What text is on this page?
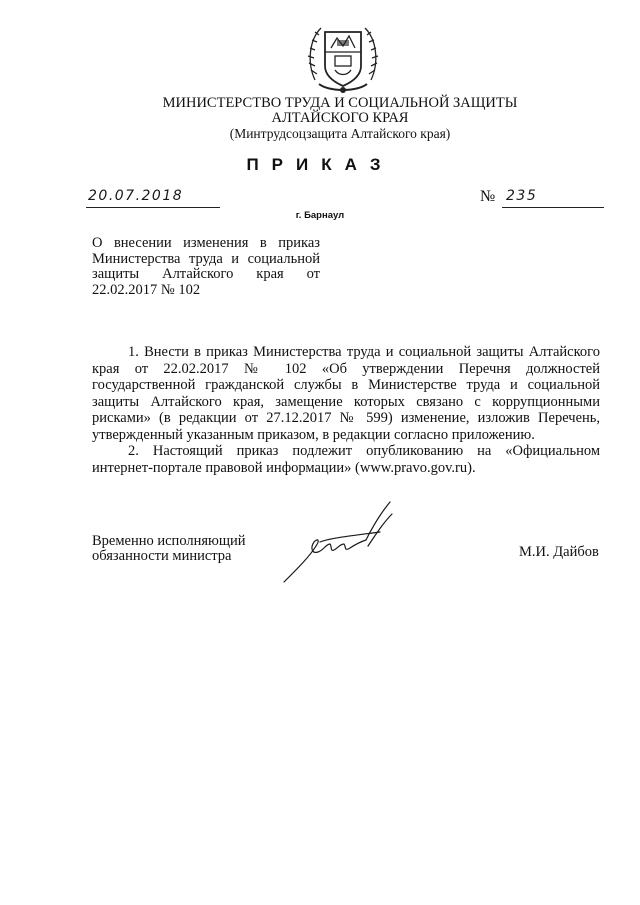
МИНИСТЕРСТВО ТРУДА И СОЦИАЛЬНОЙ ЗАЩИТЫ
АЛТАЙСКОГО КРАЯ
(Минтрудсоцзащита Алтайского края)
ПРИКАЗ
20.07.2018	№ 235
г. Барнаул
О внесении изменения в приказ Министерства труда и социальной защиты Алтайского края от 22.02.2017 № 102

1. Внести в приказ Министерства труда и социальной защиты Алтайского края от 22.02.2017 № 102 «Об утверждении Перечня должностей государственной гражданской службы в Министерстве труда и социальной защиты Алтайского края, замещение которых связано с коррупционными рисками» (в редакции от 27.12.2017 № 599) изменение, изложив Перечень, утвержденный указанным приказом, в редакции согласно приложению.

2. Настоящий приказ подлежит опубликованию на «Официальном интернет-портале правовой информации» (www.pravo.gov.ru).

Временно исполняющий
обязанности министра	М.И. Дайбов
